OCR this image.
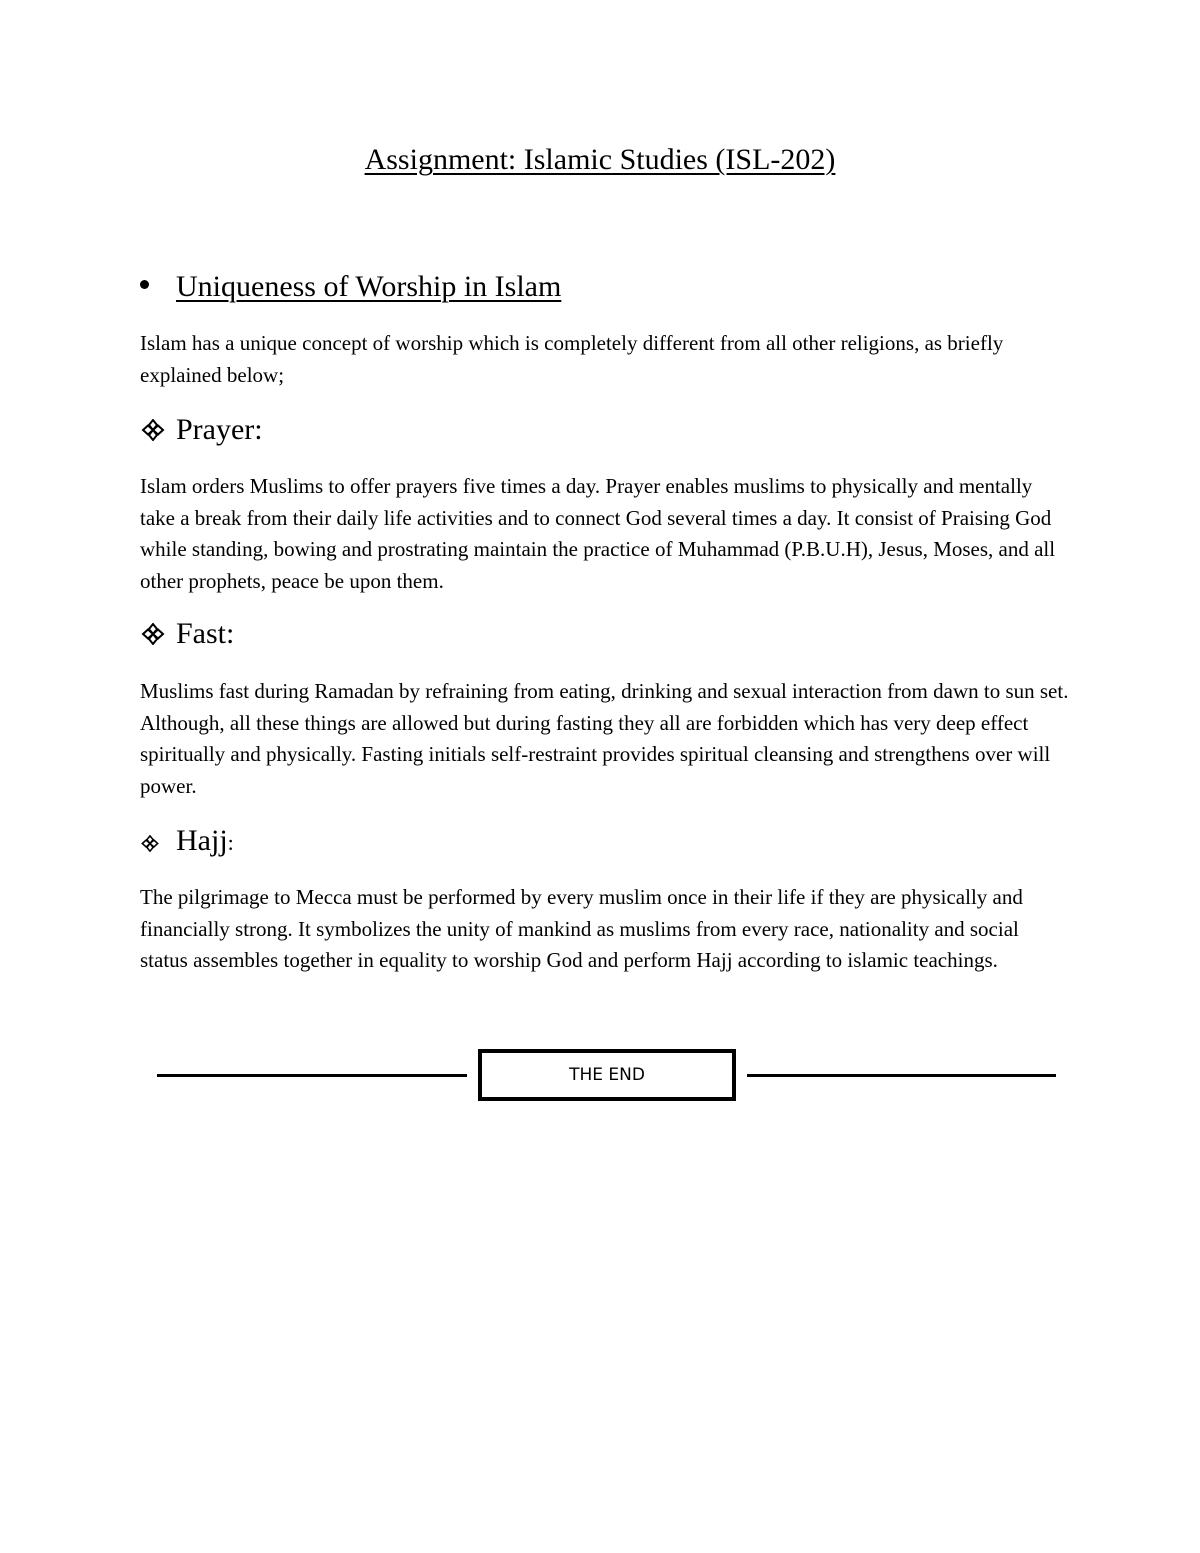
Assignment: Islamic Studies (ISL-202)
Uniqueness of Worship in Islam
Islam has a unique concept of worship which is completely different from all other religions, as briefly explained below;
Prayer:
Islam orders Muslims to offer prayers five times a day. Prayer enables muslims to physically and mentally take a break from their daily life activities and to connect God several times a day. It consist of Praising God while standing, bowing and prostrating maintain the practice of Muhammad (P.B.U.H), Jesus, Moses, and all other prophets, peace be upon them.
Fast:
Muslims fast during Ramadan by refraining from eating, drinking and sexual interaction from dawn to sun set. Although, all these things are allowed but during fasting they all are forbidden which has very deep effect spiritually and physically. Fasting initials self-restraint provides spiritual cleansing and strengthens over will power.
Hajj :
The pilgrimage to Mecca must be performed by every muslim once in their life if they are physically and financially strong. It symbolizes the unity of mankind as muslims from every race, nationality and social status assembles together in equality to worship God and perform Hajj according to islamic teachings.
THE END
